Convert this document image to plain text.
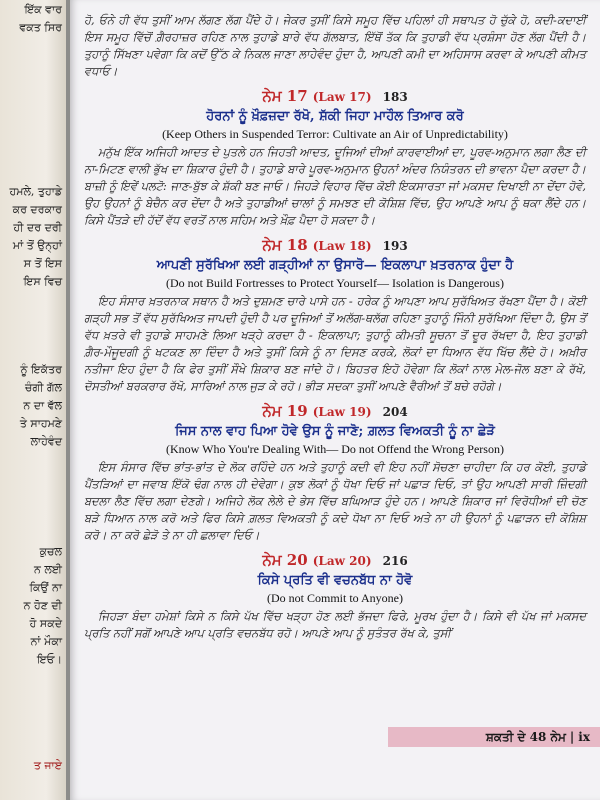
ਇੱਕ ਵਾਰ
ਵਕਤ ਸਿਰ
ਹਮਲੇ, ਤੁਹਾਡੇ
ਕਰ ਦਰਕਾਰ
ਹੀ ਦਰ ਦਰੀ
ਮਾਂ ਤੋਂ ਉਨ੍ਹਾਂ
ਸ ਤੋਂ ਇਸ
ਇਸ ਵਿਚ
ਨੂੰ ਇਕੱਤਰ
ਚੰਗੀ ਗੱਲ
ਨ ਦਾ ਵੱਲ
ਤੇ ਸਾਹਮਣੇ
ਲਾਹੇਵੰਦ
ਕੁਚਲ
ਨ ਲਈ
ਕਿਉਂ ਨਾ
ਨ ਹੋਣ ਦੀ
ਹੋ ਸਕਦੇ
ਨਾਂ ਮੌਕਾ
ਇਓ।
ਤ ਜਾਏ

ਹੋ, ਓਨੇ ਹੀ ਵੱਧ ਤੁਸੀਂ ਆਮ ਲੱਗਣ ਲੱਗ ਪੈਂਦੇ ਹੋ। ਜੇਕਰ ਤੁਸੀਂ ਕਿਸੇ ਸਮੂਹ ਵਿੱਚ ਪਹਿਲਾਂ ਹੀ ਸਥਾਪਤ ਹੋ ਚੁੱਕੇ ਹੋ, ਕਦੀ-ਕਦਾਈਂ ਇਸ ਸਮੂਹ ਵਿੱਚੋਂ ਗ਼ੈਰਹਾਜ਼ਰ ਰਹਿਣ ਨਾਲ ਤੁਹਾਡੇ ਬਾਰੇ ਵੱਧ ਗੱਲਬਾਤ, ਇੱਥੋਂ ਤੱਕ ਕਿ ਤੁਹਾਡੀ ਵੱਧ ਪ੍ਰਸ਼ੰਸਾ ਹੋਣ ਲੱਗ ਪੈਂਦੀ ਹੈ। ਤੁਹਾਨੂੰ ਸਿੱਖਣਾ ਪਵੇਗਾ ਕਿ ਕਦੋਂ ਉੱਠ ਕੇ ਨਿਕਲ ਜਾਣਾ ਲਾਹੇਵੰਦ ਹੁੰਦਾ ਹੈ, ਆਪਣੀ ਕਮੀ ਦਾ ਅਹਿਸਾਸ ਕਰਵਾ ਕੇ ਆਪਣੀ ਕੀਮਤ ਵਧਾਓ।

ਨੇਮ 17 (Law 17) 183

ਹੋਰਨਾਂ ਨੂੰ ਖ਼ੌਫ਼ਜ਼ਦਾ ਰੱਖੋ, ਸ਼ੱਕੀ ਜਿਹਾ ਮਾਹੌਲ ਤਿਆਰ ਕਰੋ

(Keep Others in Suspended Terror: Cultivate an Air of Unpredictability)

ਮਨੁੱਖ ਇੱਕ ਅਜਿਹੀ ਆਦਤ ਦੇ ਪੁਤਲੇ ਹਨ ਜਿਹਤੀ ਆਦਤ, ਦੂਜਿਆਂ ਦੀਆਂ ਕਾਰਵਾਈਆਂ ਦਾ, ਪੂਰਵ-ਅਨੁਮਾਨ ਲਗਾ ਲੈਣ ਦੀ ਨਾ-ਮਿਟਣ ਵਾਲੀ ਭੁੱਖ ਦਾ ਸ਼ਿਕਾਰ ਹੁੰਦੀ ਹੈ। ਤੁਹਾਡੇ ਬਾਰੇ ਪੂਰਵ-ਅਨੁਮਾਨ ਉਹਨਾਂ ਅੰਦਰ ਨਿਯੰਤਰਨ ਦੀ ਭਾਵਨਾ ਪੈਦਾ ਕਰਦਾ ਹੈ। ਬਾਜ਼ੀ ਨੂੰ ਇਵੇਂ ਪਲਟੋ: ਜਾਣ-ਬੁੱਝ ਕੇ ਸ਼ੱਕੀ ਬਣ ਜਾਓ। ਜਿਹੜੇ ਵਿਹਾਰ ਵਿੱਚ ਕੋਈ ਇਕਸਾਰਤਾ ਜਾਂ ਮਕਸਦ ਦਿਖਾਈ ਨਾ ਦੇਂਦਾ ਹੋਵੇ, ਉਹ ਉਹਨਾਂ ਨੂੰ ਬੇਚੈਨ ਕਰ ਦੇਂਦਾ ਹੈ ਅਤੇ ਤੁਹਾਡੀਆਂ ਚਾਲਾਂ ਨੂੰ ਸਮਝਣ ਦੀ ਕੋਸ਼ਿਸ਼ ਵਿੱਚ, ਉਹ ਆਪਣੇ ਆਪ ਨੂੰ ਥਕਾ ਲੈਂਦੇ ਹਨ। ਕਿਸੇ ਪੈਂਤੜੇ ਦੀ ਹੱਦੋਂ ਵੱਧ ਵਰਤੋਂ ਨਾਲ ਸਹਿਮ ਅਤੇ ਖ਼ੌਫ਼ ਪੈਦਾ ਹੋ ਸਕਦਾ ਹੈ।

ਨੇਮ 18 (Law 18) 193

ਆਪਣੀ ਸੁਰੱਖਿਆ ਲਈ ਗੜ੍ਹੀਆਂ ਨਾ ਉਸਾਰੋ— ਇਕਲਾਪਾ ਖ਼ਤਰਨਾਕ ਹੁੰਦਾ ਹੈ

(Do not Build Fortresses to Protect Yourself— Isolation is Dangerous)

ਇਹ ਸੰਸਾਰ ਖ਼ਤਰਨਾਕ ਸਥਾਨ ਹੈ ਅਤੇ ਦੁਸ਼ਮਣ ਚਾਰੇ ਪਾਸੇ ਹਨ - ਹਰੇਕ ਨੂੰ ਆਪਣਾ ਆਪ ਸੁਰੱਖਿਅਤ ਰੱਖਣਾ ਪੈਂਦਾ ਹੈ। ਕੋਈ ਗੜ੍ਹੀ ਸਭ ਤੋਂ ਵੱਧ ਸੁਰੱਖਿਅਤ ਜਾਪਦੀ ਹੁੰਦੀ ਹੈ ਪਰ ਦੂਜਿਆਂ ਤੋਂ ਅਲੱਗ-ਥਲੱਗ ਰਹਿਣਾ ਤੁਹਾਨੂੰ ਜਿੰਨੀ ਸੁਰੱਖਿਆ ਦਿੰਦਾ ਹੈ, ਉਸ ਤੋਂ ਵੱਧ ਖ਼ਤਰੇ ਵੀ ਤੁਹਾਡੇ ਸਾਹਮਣੇ ਲਿਆ ਖੜ੍ਹੇ ਕਰਦਾ ਹੈ - ਇਕਲਾਪਾ; ਤੁਹਾਨੂੰ ਕੀਮਤੀ ਸੂਚਨਾ ਤੋਂ ਦੂਰ ਰੱਖਦਾ ਹੈ, ਇਹ ਤੁਹਾਡੀ ਗ਼ੈਰ-ਮੌਜੂਦਗੀ ਨੂੰ ਖਟਕਣ ਲਾ ਦਿੰਦਾ ਹੈ ਅਤੇ ਤੁਸੀਂ ਕਿਸੇ ਨੂੰ ਨਾ ਦਿਸਣ ਕਰਕੇ, ਲੋਕਾਂ ਦਾ ਧਿਆਨ ਵੱਧ ਖਿੱਚ ਲੈਂਦੇ ਹੋ। ਅਖ਼ੀਰ ਨਤੀਜਾ ਇਹ ਹੁੰਦਾ ਹੈ ਕਿ ਫੇਰ ਤੁਸੀਂ ਸੌਖੇ ਸ਼ਿਕਾਰ ਬਣ ਜਾਂਦੇ ਹੋ। ਬਿਹਤਰ ਇਹੋ ਹੋਵੇਗਾ ਕਿ ਲੋਕਾਂ ਨਾਲ ਮੇਲ-ਜੋਲ ਬਣਾ ਕੇ ਰੱਖੋ, ਦੋਸਤੀਆਂ ਬਰਕਰਾਰ ਰੱਖੋ, ਸਾਰਿਆਂ ਨਾਲ ਜੁੜ ਕੇ ਰਹੋ। ਭੀੜ ਸਦਕਾ ਤੁਸੀਂ ਆਪਣੇ ਵੈਰੀਆਂ ਤੋਂ ਬਚੇ ਰਹੋਗੇ।

ਨੇਮ 19 (Law 19) 204

ਜਿਸ ਨਾਲ ਵਾਹ ਪਿਆ ਹੋਵੇ ਉਸ ਨੂੰ ਜਾਣੋ; ਗ਼ਲਤ ਵਿਅਕਤੀ ਨੂੰ ਨਾ ਛੇੜੋ

(Know Who You're Dealing With— Do not Offend the Wrong Person)

ਇਸ ਸੰਸਾਰ ਵਿੱਚ ਭਾਂਤ-ਭਾਂਤ ਦੇ ਲੋਕ ਰਹਿੰਦੇ ਹਨ ਅਤੇ ਤੁਹਾਨੂੰ ਕਦੀ ਵੀ ਇਹ ਨਹੀਂ ਸੋਚਣਾ ਚਾਹੀਦਾ ਕਿ ਹਰ ਕੋਈ, ਤੁਹਾਡੇ ਪੈਂਤੜਿਆਂ ਦਾ ਜਵਾਬ ਇੱਕੋ ਢੰਗ ਨਾਲ ਹੀ ਦੇਵੇਗਾ। ਕੁਝ ਲੋਕਾਂ ਨੂੰ ਧੋਖਾ ਦਿਓ ਜਾਂ ਪਛਾੜ ਦਿਓ, ਤਾਂ ਉਹ ਆਪਣੀ ਸਾਰੀ ਜ਼ਿੰਦਗੀ ਬਦਲਾ ਲੈਣ ਵਿੱਚ ਲਗਾ ਦੇਣਗੇ। ਅਜਿਹੇ ਲੋਕ ਲੇਲੇ ਦੇ ਭੇਸ ਵਿੱਚ ਬਘਿਆੜ ਹੁੰਦੇ ਹਨ। ਆਪਣੇ ਸ਼ਿਕਾਰ ਜਾਂ ਵਿਰੋਧੀਆਂ ਦੀ ਚੋਣ ਬੜੇ ਧਿਆਨ ਨਾਲ ਕਰੋ ਅਤੇ ਫਿਰ ਕਿਸੇ ਗ਼ਲਤ ਵਿਅਕਤੀ ਨੂੰ ਕਦੇ ਧੋਖਾ ਨਾ ਦਿਓ ਅਤੇ ਨਾ ਹੀ ਉਹਨਾਂ ਨੂੰ ਪਛਾੜਨ ਦੀ ਕੋਸ਼ਿਸ਼ ਕਰੋ। ਨਾ ਕਰੋ ਛੇੜੋ ਤੇ ਨਾ ਹੀ ਛਲਾਵਾ ਦਿਓ।

ਨੇਮ 20 (Law 20) 216

ਕਿਸੇ ਪ੍ਰਤਿ ਵੀ ਵਚਨਬੱਧ ਨਾ ਹੋਵੋ

(Do not Commit to Anyone)

ਜਿਹੜਾ ਬੰਦਾ ਹਮੇਸ਼ਾਂ ਕਿਸੇ ਨ ਕਿਸੇ ਪੱਖ ਵਿੱਚ ਖੜ੍ਹਾ ਹੋਣ ਲਈ ਭੱਜਦਾ ਫਿਰੇ, ਮੂਰਖ ਹੁੰਦਾ ਹੈ। ਕਿਸੇ ਵੀ ਪੱਖ ਜਾਂ ਮਕਸਦ ਪ੍ਰਤਿ ਨਹੀਂ ਸਗੋਂ ਆਪਣੇ ਆਪ ਪ੍ਰਤਿ ਵਚਨਬੱਧ ਰਹੋ। ਆਪਣੇ ਆਪ ਨੂੰ ਸੁਤੰਤਰ ਰੱਖ ਕੇ, ਤੁਸੀਂ

ਸ਼ਕਤੀ ਦੇ 48 ਨੇਮ | ix
